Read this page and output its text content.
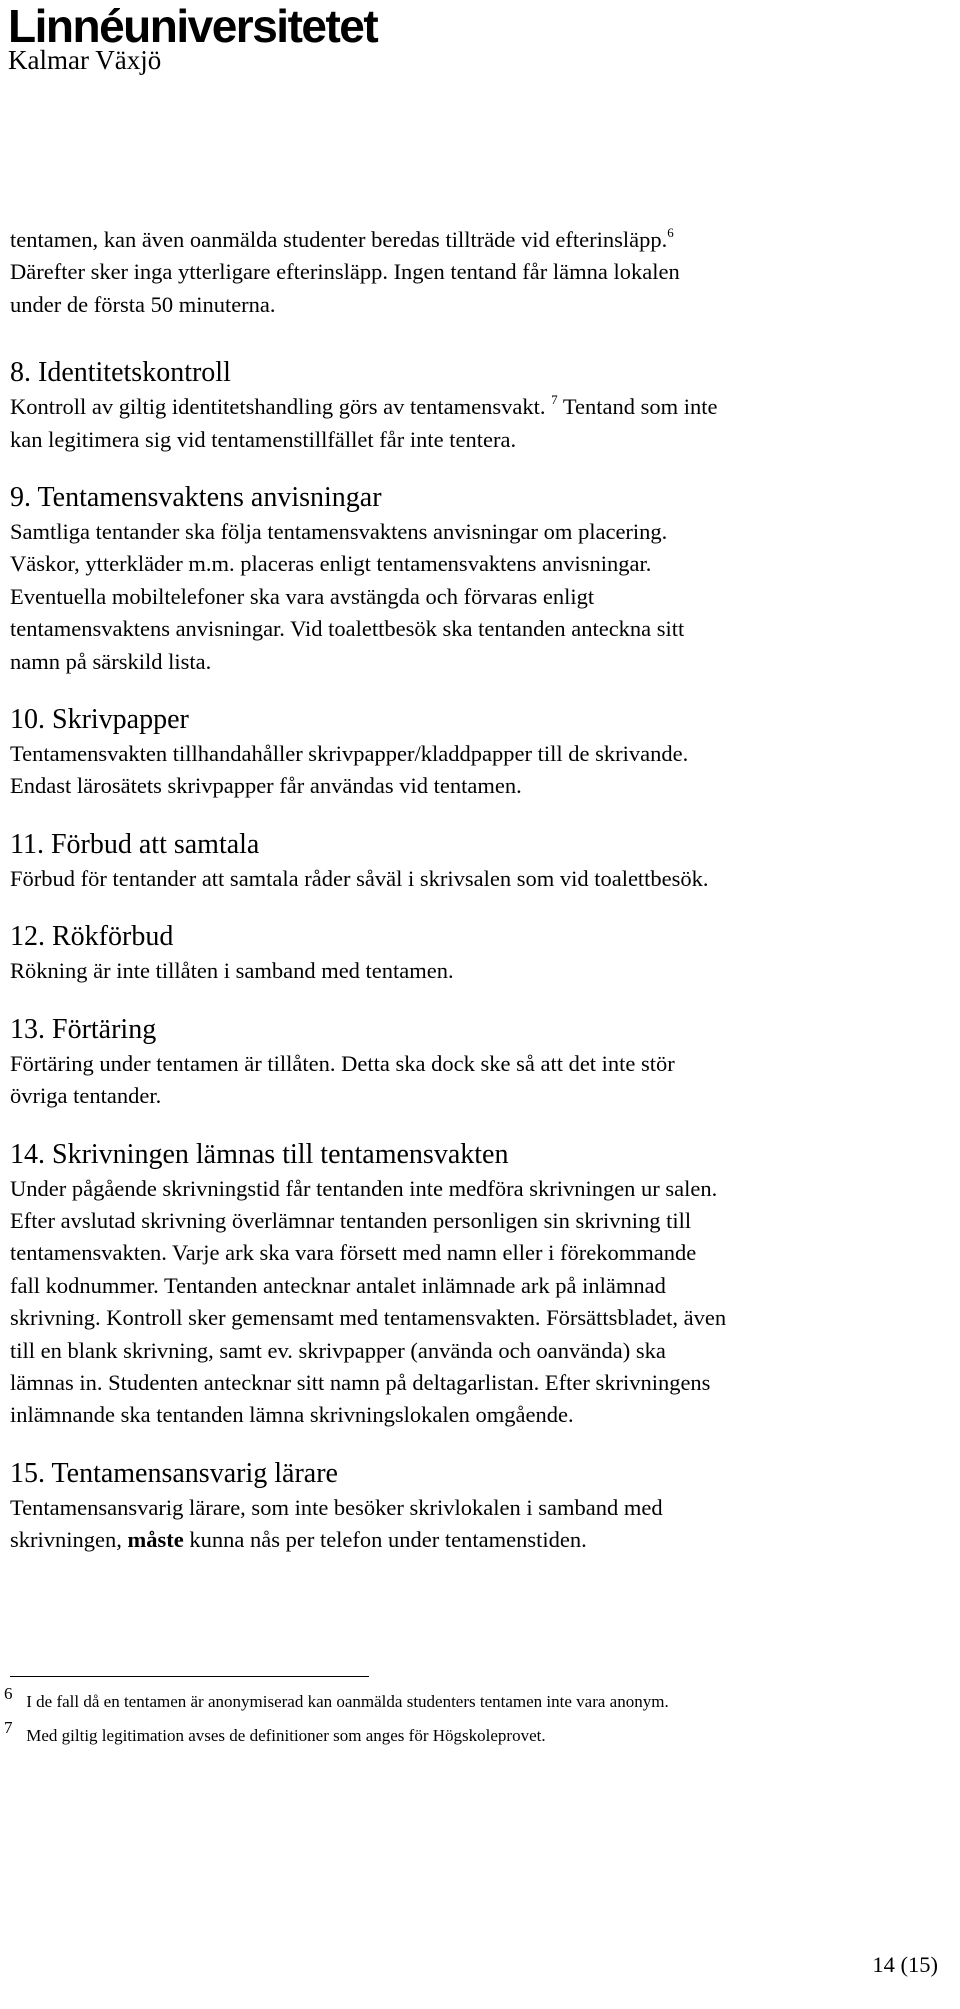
Linnéuniversitetet
Kalmar Växjö

tentamen, kan även oanmälda studenter beredas tillträde vid efterinsläpp.$^6$

Därefter sker inga ytterligare efterinsläpp. Ingen tentand får lämna lokalen

under de första 50 minuterna.

8. Identitetskontroll

Kontroll av giltig identitetshandling görs av tentamensvakt. $^7$ Tentand som inte

kan legitimera sig vid tentamenstillfället får inte tentera.

9. Tentamensvaktens anvisningar

Samtliga tentander ska följa tentamensvaktens anvisningar om placering.

Väskor, ytterkläder m.m. placeras enligt tentamensvaktens anvisningar.

Eventuella mobiltelefoner ska vara avstängda och förvaras enligt

tentamensvaktens anvisningar. Vid toalettbesök ska tentanden anteckna sitt

namn på särskild lista.

10. Skrivpapper

Tentamensvakten tillhandahåller skrivpapper/kladdpapper till de skrivande.

Endast lärosätets skrivpapper får användas vid tentamen.

11. Förbud att samtala

Förbud för tentander att samtala råder såväl i skrivsalen som vid toalettbesök.

12. Rökförbud

Rökning är inte tillåten i samband med tentamen.

13. Förtäring

Förtäring under tentamen är tillåten. Detta ska dock ske så att det inte stör

övriga tentander.

14. Skrivningen lämnas till tentamensvakten

Under pågående skrivningstid får tentanden inte medföra skrivningen ur salen.

Efter avslutad skrivning överlämnar tentanden personligen sin skrivning till

tentamensvakten. Varje ark ska vara försett med namn eller i förekommande

fall kodnummer. Tentanden antecknar antalet inlämnade ark på inlämnad

skrivning. Kontroll sker gemensamt med tentamensvakten. Försättsbladet, även

till en blank skrivning, samt ev. skrivpapper (använda och oanvända) ska

lämnas in. Studenten antecknar sitt namn på deltagarlistan. Efter skrivningens

inlämnande ska tentanden lämna skrivningslokalen omgående.

15. Tentamensansvarig lärare

Tentamensansvarig lärare, som inte besöker skrivlokalen i samband med

skrivningen, måste kunna nås per telefon under tentamenstiden.

6 I de fall då en tentamen är anonymiserad kan oanmälda studenters tentamen inte vara anonym.
7 Med giltig legitimation avses de definitioner som anges för Högskoleprovet.
14 (15)
